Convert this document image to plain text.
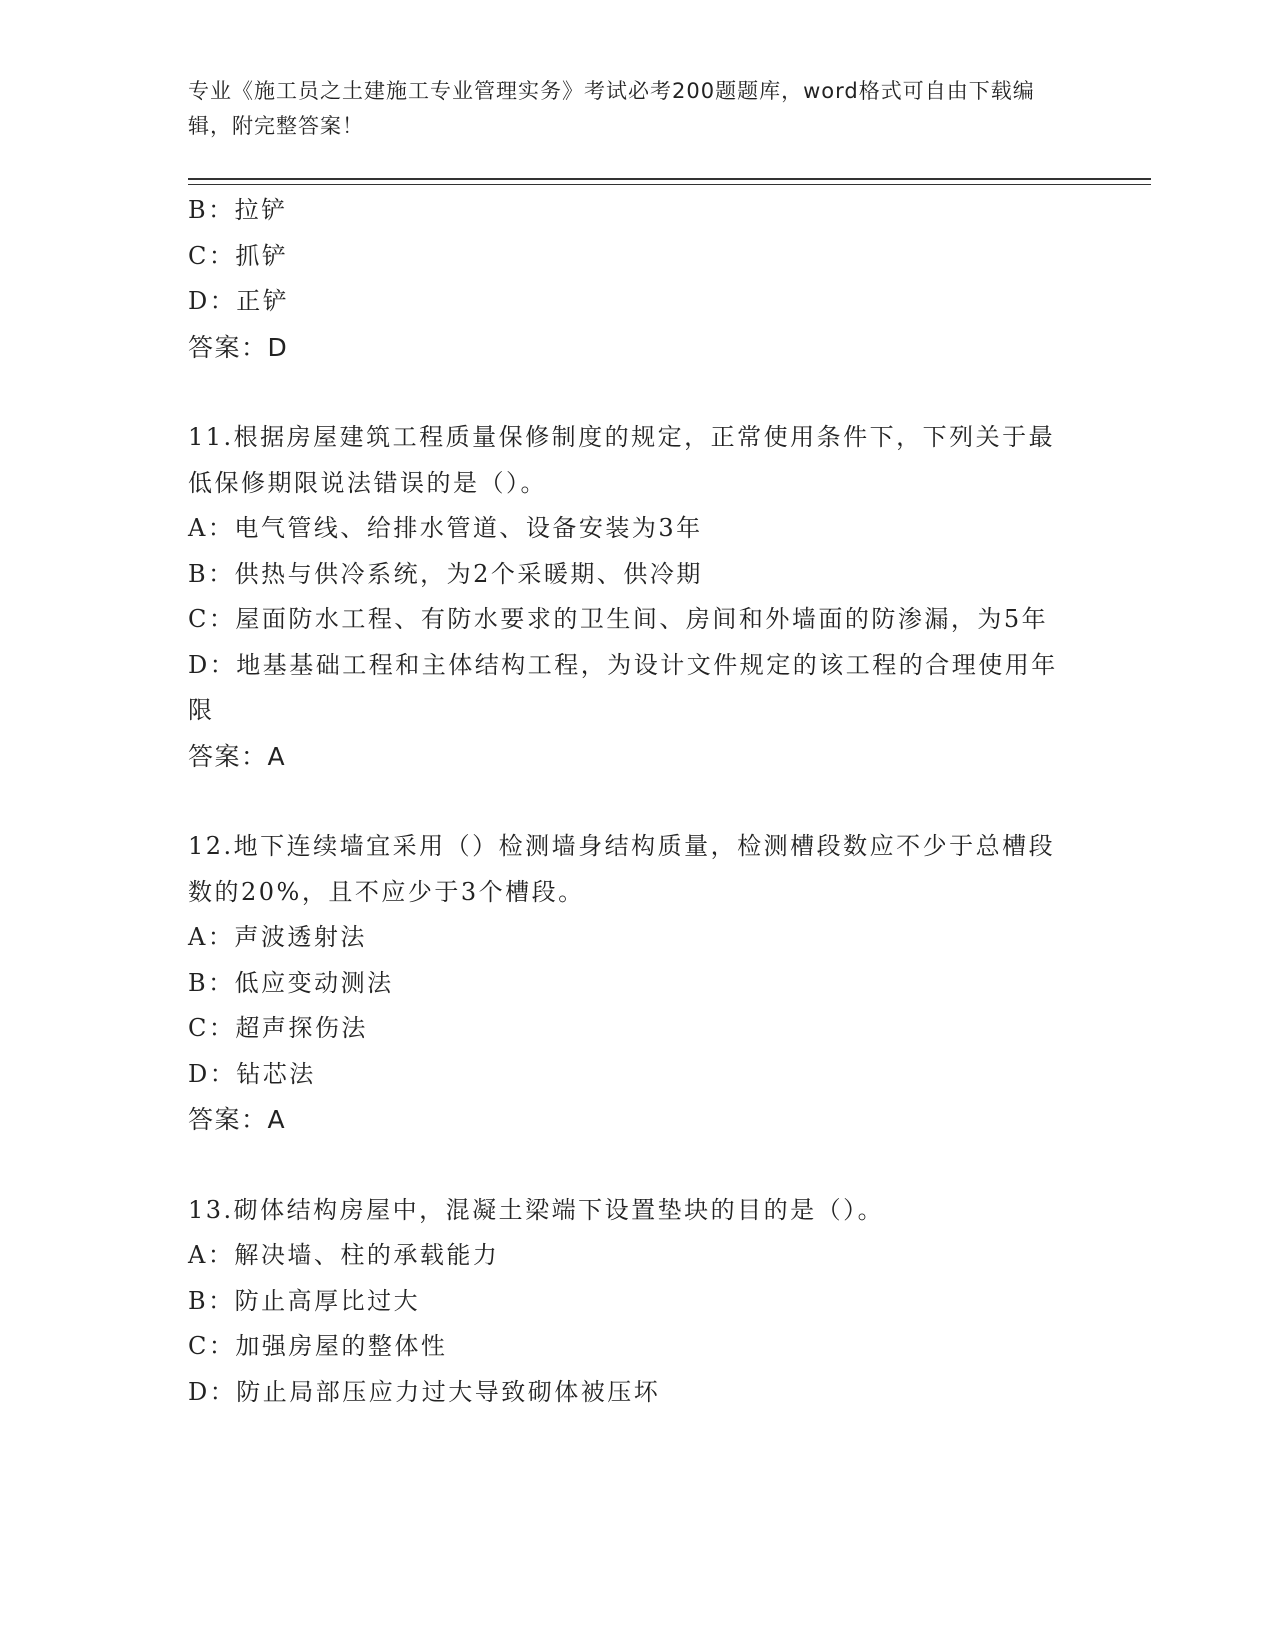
专业《施工员之土建施工专业管理实务》考试必考200题题库，word格式可自由下载编辑，附完整答案！
B：拉铲
C：抓铲
D：正铲
答案：D
11.根据房屋建筑工程质量保修制度的规定，正常使用条件下，下列关于最低保修期限说法错误的是（）。
A：电气管线、给排水管道、设备安装为3年
B：供热与供冷系统，为2个采暖期、供冷期
C：屋面防水工程、有防水要求的卫生间、房间和外墙面的防渗漏，为5年
D：地基基础工程和主体结构工程，为设计文件规定的该工程的合理使用年限
答案：A
12.地下连续墙宜采用（）检测墙身结构质量，检测槽段数应不少于总槽段数的20%，且不应少于3个槽段。
A：声波透射法
B：低应变动测法
C：超声探伤法
D：钻芯法
答案：A
13.砌体结构房屋中，混凝土梁端下设置垫块的目的是（）。
A：解决墙、柱的承载能力
B：防止高厚比过大
C：加强房屋的整体性
D：防止局部压应力过大导致砌体被压坏
